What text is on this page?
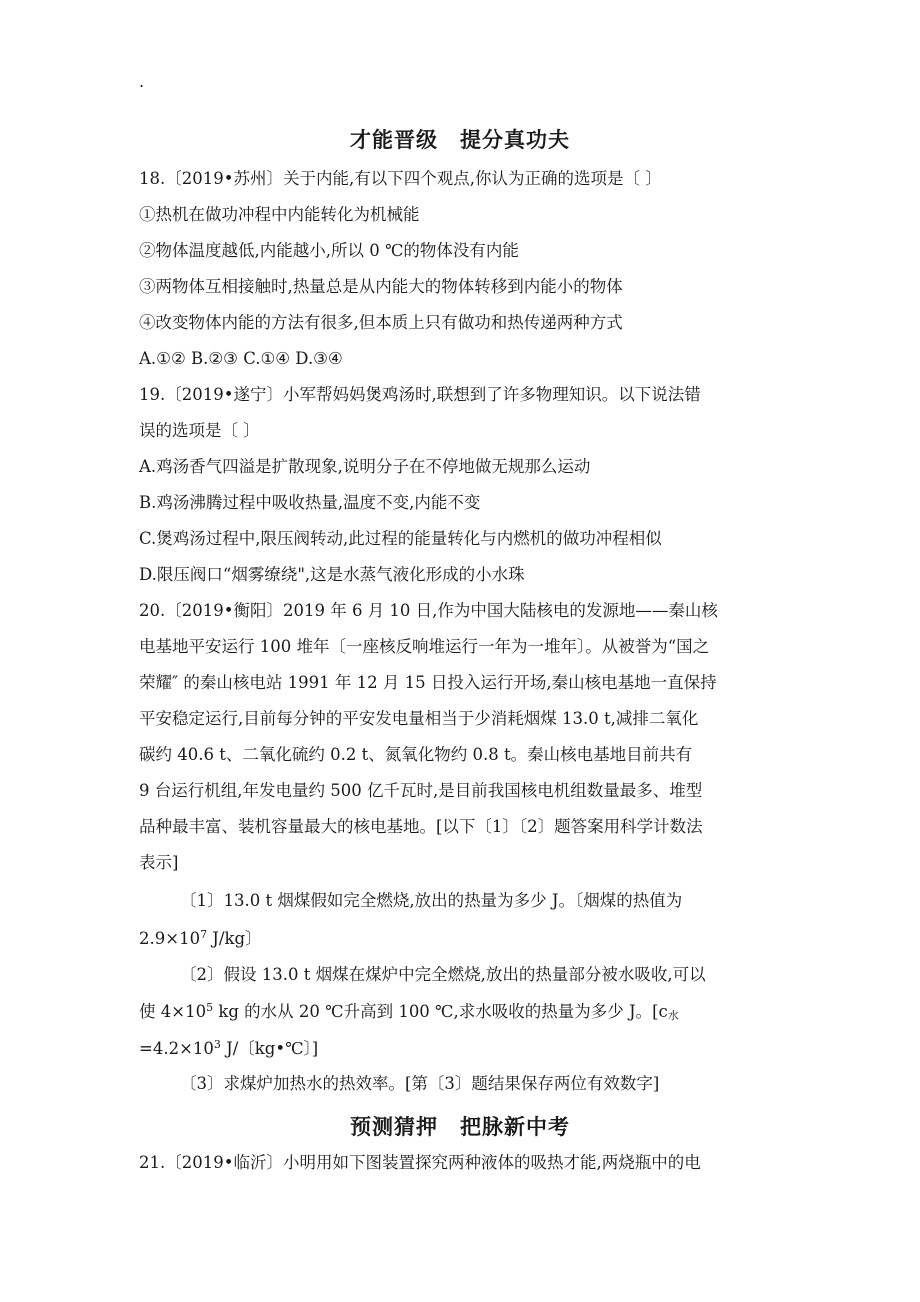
.
才能晋级　提分真功夫
18.〔2019•苏州〕关于内能,有以下四个观点,你认为正确的选项是〔 〕
①热机在做功冲程中内能转化为机械能
②物体温度越低,内能越小,所以 0 ℃的物体没有内能
③两物体互相接触时,热量总是从内能大的物体转移到内能小的物体
④改变物体内能的方法有很多,但本质上只有做功和热传递两种方式
A.①② B.②③ C.①④ D.③④
19.〔2019•遂宁〕小军帮妈妈煲鸡汤时,联想到了许多物理知识。以下说法错
误的选项是〔 〕
A.鸡汤香气四溢是扩散现象,说明分子在不停地做无规那么运动
B.鸡汤沸腾过程中吸收热量,温度不变,内能不变
C.煲鸡汤过程中,限压阀转动,此过程的能量转化与内燃机的做功冲程相似
D.限压阀口“烟雾缭绕",这是水蒸气液化形成的小水珠
20.〔2019•衡阳〕2019 年 6 月 10 日,作为中国大陆核电的发源地——秦山核
电基地平安运行 100 堆年〔一座核反响堆运行一年为一堆年〕。从被誉为“国之
荣耀″ 的秦山核电站 1991 年 12 月 15 日投入运行开场,秦山核电基地一直保持
平安稳定运行,目前每分钟的平安发电量相当于少消耗烟煤 13.0 t,减排二氧化
碳约 40.6 t、二氧化硫约 0.2 t、氮氧化物约 0.8 t。秦山核电基地目前共有
9 台运行机组,年发电量约 500 亿千瓦时,是目前我国核电机组数量最多、堆型
品种最丰富、装机容量最大的核电基地。[以下〔1〕〔2〕题答案用科学计数法
表示]
〔1〕13.0 t 烟煤假如完全燃烧,放出的热量为多少 J。〔烟煤的热值为
$2.9\times 10^7$ J/kg〕
〔2〕假设 13.0 t 烟煤在煤炉中完全燃烧,放出的热量部分被水吸收,可以
使 $4\times 10^5$ kg 的水从 20 ℃升高到 100 ℃,求水吸收的热量为多少 J。[$c_水$
$=4.2\times 10^3$ J/〔kg•℃〕]
〔3〕求煤炉加热水的热效率。[第〔3〕题结果保存两位有效数字]
预测猜押　把脉新中考
21.〔2019•临沂〕小明用如下图装置探究两种液体的吸热才能,两烧瓶中的电
